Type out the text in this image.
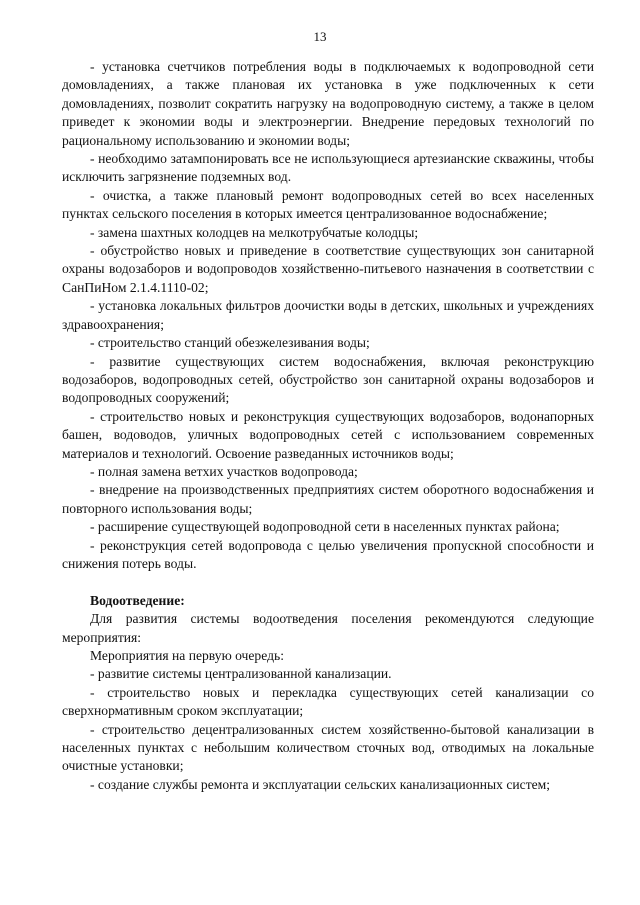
13

- установка счетчиков потребления воды в подключаемых к водопроводной сети домовладениях, а также плановая их установка в уже подключенных к сети домовладениях, позволит сократить нагрузку на водопроводную систему, а также в целом приведет к экономии воды и электроэнергии. Внедрение передовых технологий по рациональному использованию и экономии воды;

- необходимо затампонировать все не использующиеся артезианские скважины, чтобы исключить загрязнение подземных вод.

- очистка, а также плановый ремонт водопроводных сетей во всех населенных пунктах сельского поселения в которых имеется централизованное водоснабжение;

- замена шахтных колодцев на мелкотрубчатые колодцы;

- обустройство новых и приведение в соответствие существующих зон санитарной охраны водозаборов и водопроводов хозяйственно-питьевого назначения в соответствии с СанПиНом 2.1.4.1110-02;

- установка локальных фильтров доочистки воды в детских, школьных и учреждениях здравоохранения;

- строительство станций обезжелезивания воды;

- развитие существующих систем водоснабжения, включая реконструкцию водозаборов, водопроводных сетей, обустройство зон санитарной охраны водозаборов и водопроводных сооружений;

- строительство новых и реконструкция существующих водозаборов, водонапорных башен, водоводов, уличных водопроводных сетей с использованием современных материалов и технологий. Освоение разведанных источников воды;

- полная замена ветхих участков водопровода;

- внедрение на производственных предприятиях систем оборотного водоснабжения и повторного использования воды;

- расширение существующей водопроводной сети в населенных пунктах района;

- реконструкция сетей водопровода с целью увеличения пропускной способности и снижения потерь воды.

Водоотведение:

Для развития системы водоотведения поселения рекомендуются следующие мероприятия:

Мероприятия на первую очередь:

- развитие системы централизованной канализации.

- строительство новых и перекладка существующих сетей канализации со сверхнормативным сроком эксплуатации;

- строительство децентрализованных систем хозяйственно-бытовой канализации в населенных пунктах с небольшим количеством сточных вод, отводимых на локальные очистные установки;

- создание службы ремонта и эксплуатации сельских канализационных систем;
